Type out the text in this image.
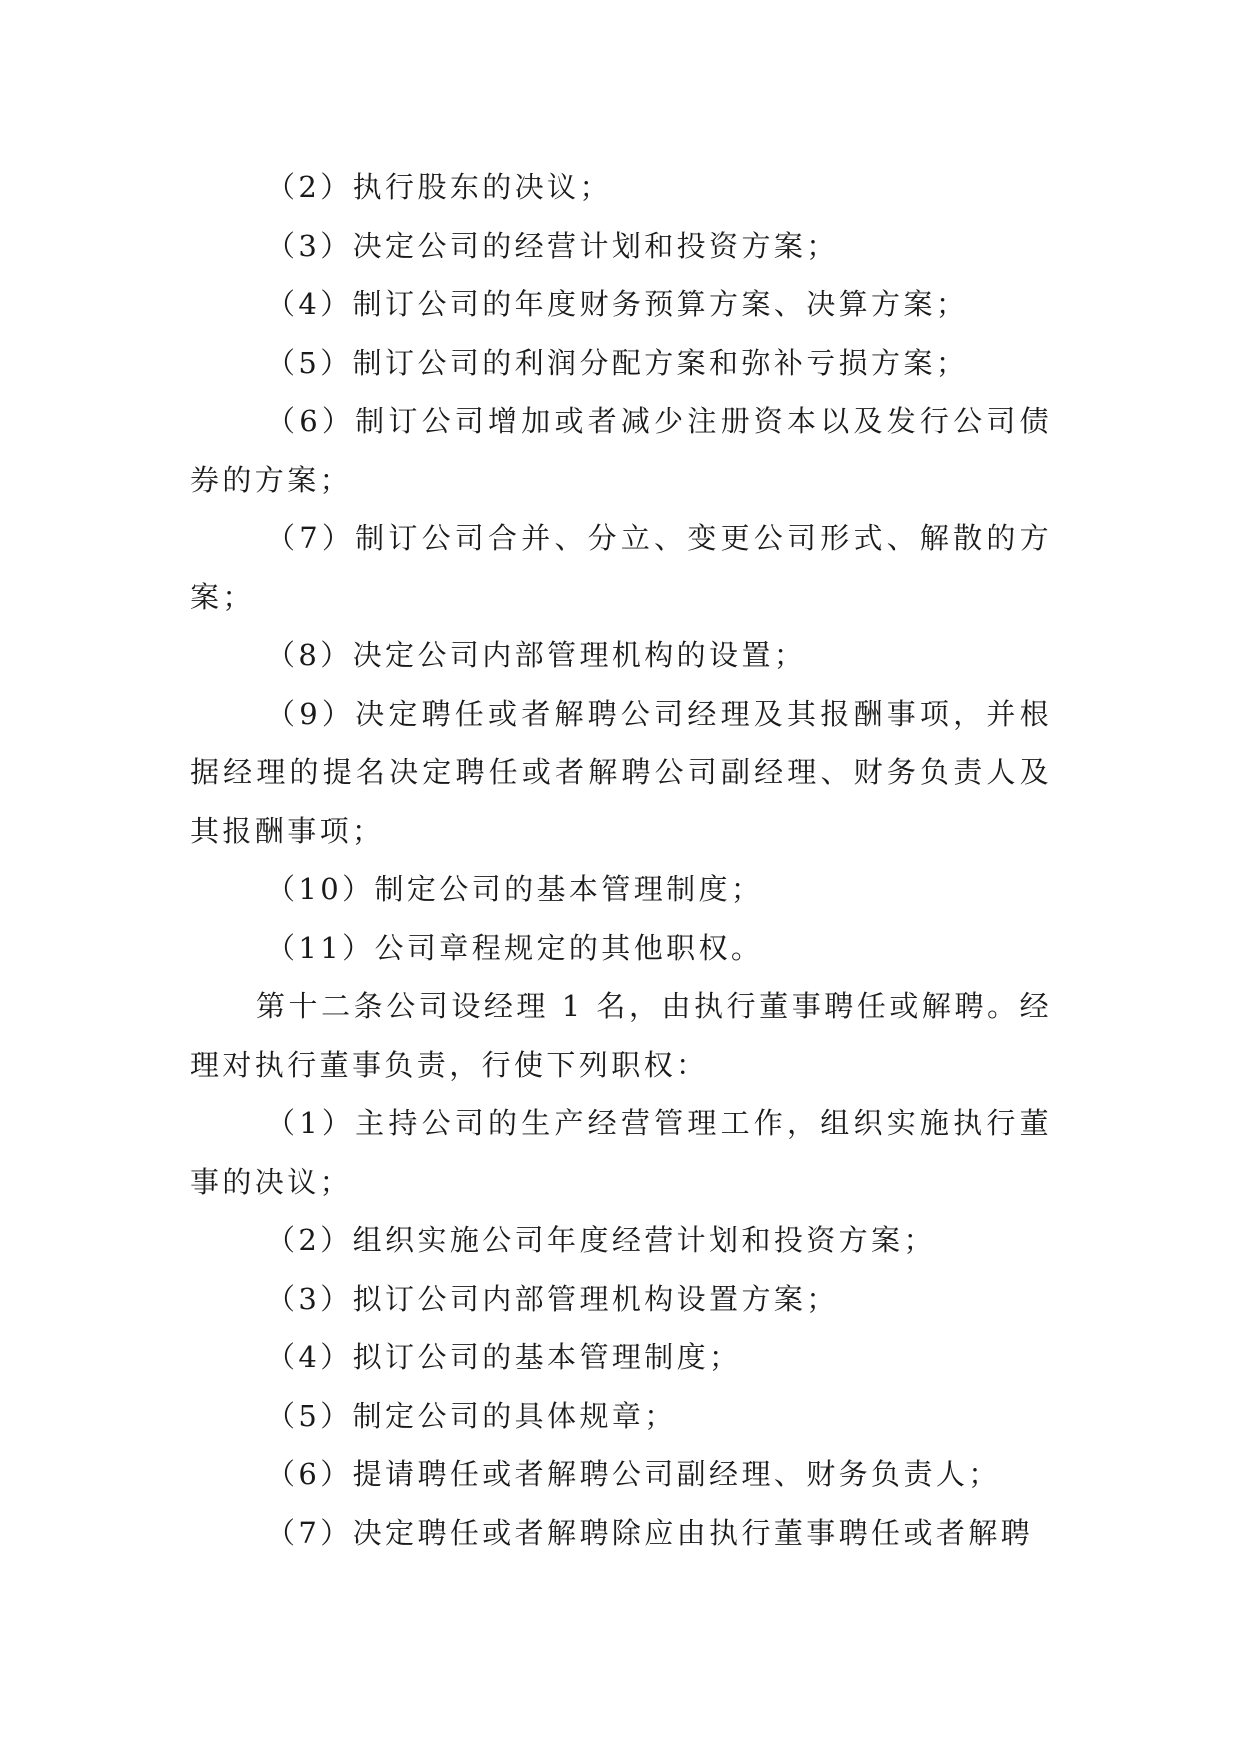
（2）执行股东的决议；

（3）决定公司的经营计划和投资方案；

（4）制订公司的年度财务预算方案、决算方案；

（5）制订公司的利润分配方案和弥补亏损方案；

（6）制订公司增加或者减少注册资本以及发行公司债券的方案；

（7）制订公司合并、分立、变更公司形式、解散的方案；

（8）决定公司内部管理机构的设置；

（9）决定聘任或者解聘公司经理及其报酬事项，并根据经理的提名决定聘任或者解聘公司副经理、财务负责人及其报酬事项；

（10）制定公司的基本管理制度；

（11）公司章程规定的其他职权。

第十二条公司设经理 1 名，由执行董事聘任或解聘。经理对执行董事负责，行使下列职权：

（1）主持公司的生产经营管理工作，组织实施执行董事的决议；

（2）组织实施公司年度经营计划和投资方案；

（3）拟订公司内部管理机构设置方案；

（4）拟订公司的基本管理制度；

（5）制定公司的具体规章；

（6）提请聘任或者解聘公司副经理、财务负责人；

（7）决定聘任或者解聘除应由执行董事聘任或者解聘
